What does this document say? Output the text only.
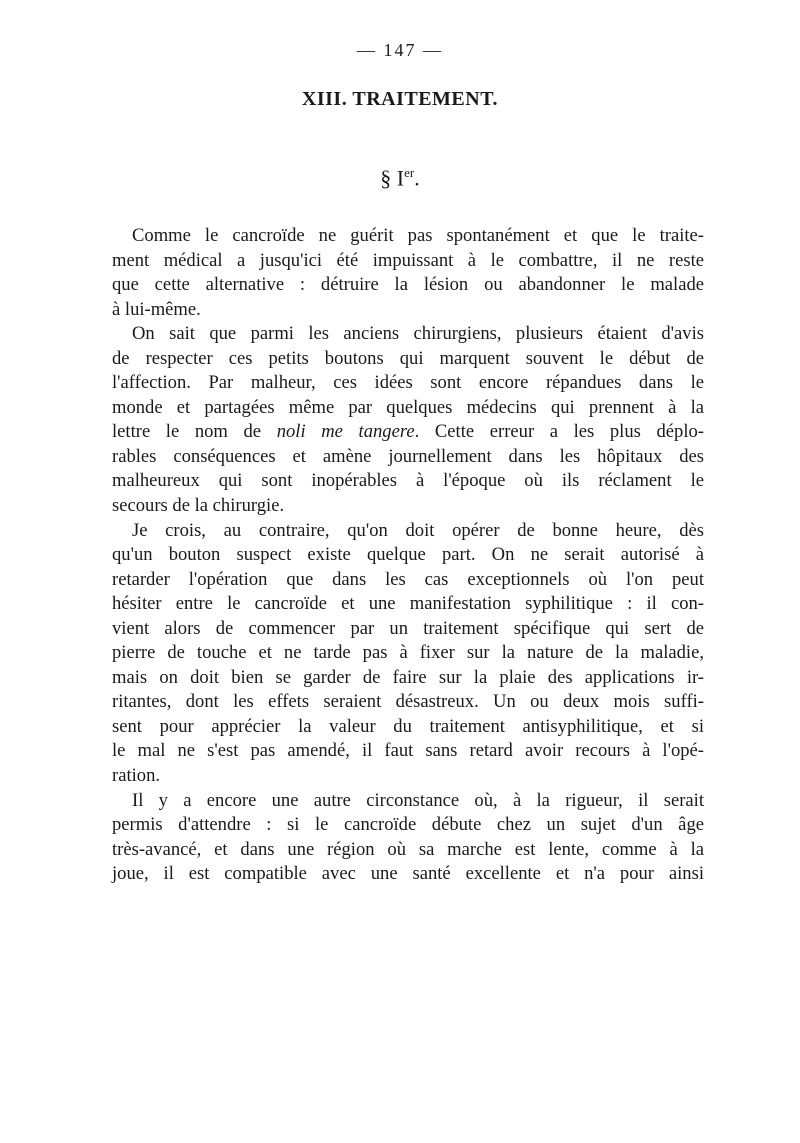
— 147 —
XIII. TRAITEMENT.
§ Ier.

Comme le cancroïde ne guérit pas spontanément et que le traite-
ment médical a jusqu'ici été impuissant à le combattre, il ne reste
que cette alternative : détruire la lésion ou abandonner le malade
à lui-même.

On sait que parmi les anciens chirurgiens, plusieurs étaient d'avis
de respecter ces petits boutons qui marquent souvent le début de
l'affection. Par malheur, ces idées sont encore répandues dans le
monde et partagées même par quelques médecins qui prennent à la
lettre le nom de noli me tangere. Cette erreur a les plus déplo-
rables conséquences et amène journellement dans les hôpitaux des
malheureux qui sont inopérables à l'époque où ils réclament le
secours de la chirurgie.

Je crois, au contraire, qu'on doit opérer de bonne heure, dès
qu'un bouton suspect existe quelque part. On ne serait autorisé à
retarder l'opération que dans les cas exceptionnels où l'on peut
hésiter entre le cancroïde et une manifestation syphilitique : il con-
vient alors de commencer par un traitement spécifique qui sert de
pierre de touche et ne tarde pas à fixer sur la nature de la maladie,
mais on doit bien se garder de faire sur la plaie des applications ir-
ritantes, dont les effets seraient désastreux. Un ou deux mois suffi-
sent pour apprécier la valeur du traitement antisyphilitique, et si
le mal ne s'est pas amendé, il faut sans retard avoir recours à l'opé-
ration.

Il y a encore une autre circonstance où, à la rigueur, il serait
permis d'attendre : si le cancroïde débute chez un sujet d'un âge
très-avancé, et dans une région où sa marche est lente, comme à la
joue, il est compatible avec une santé excellente et n'a pour ainsi
